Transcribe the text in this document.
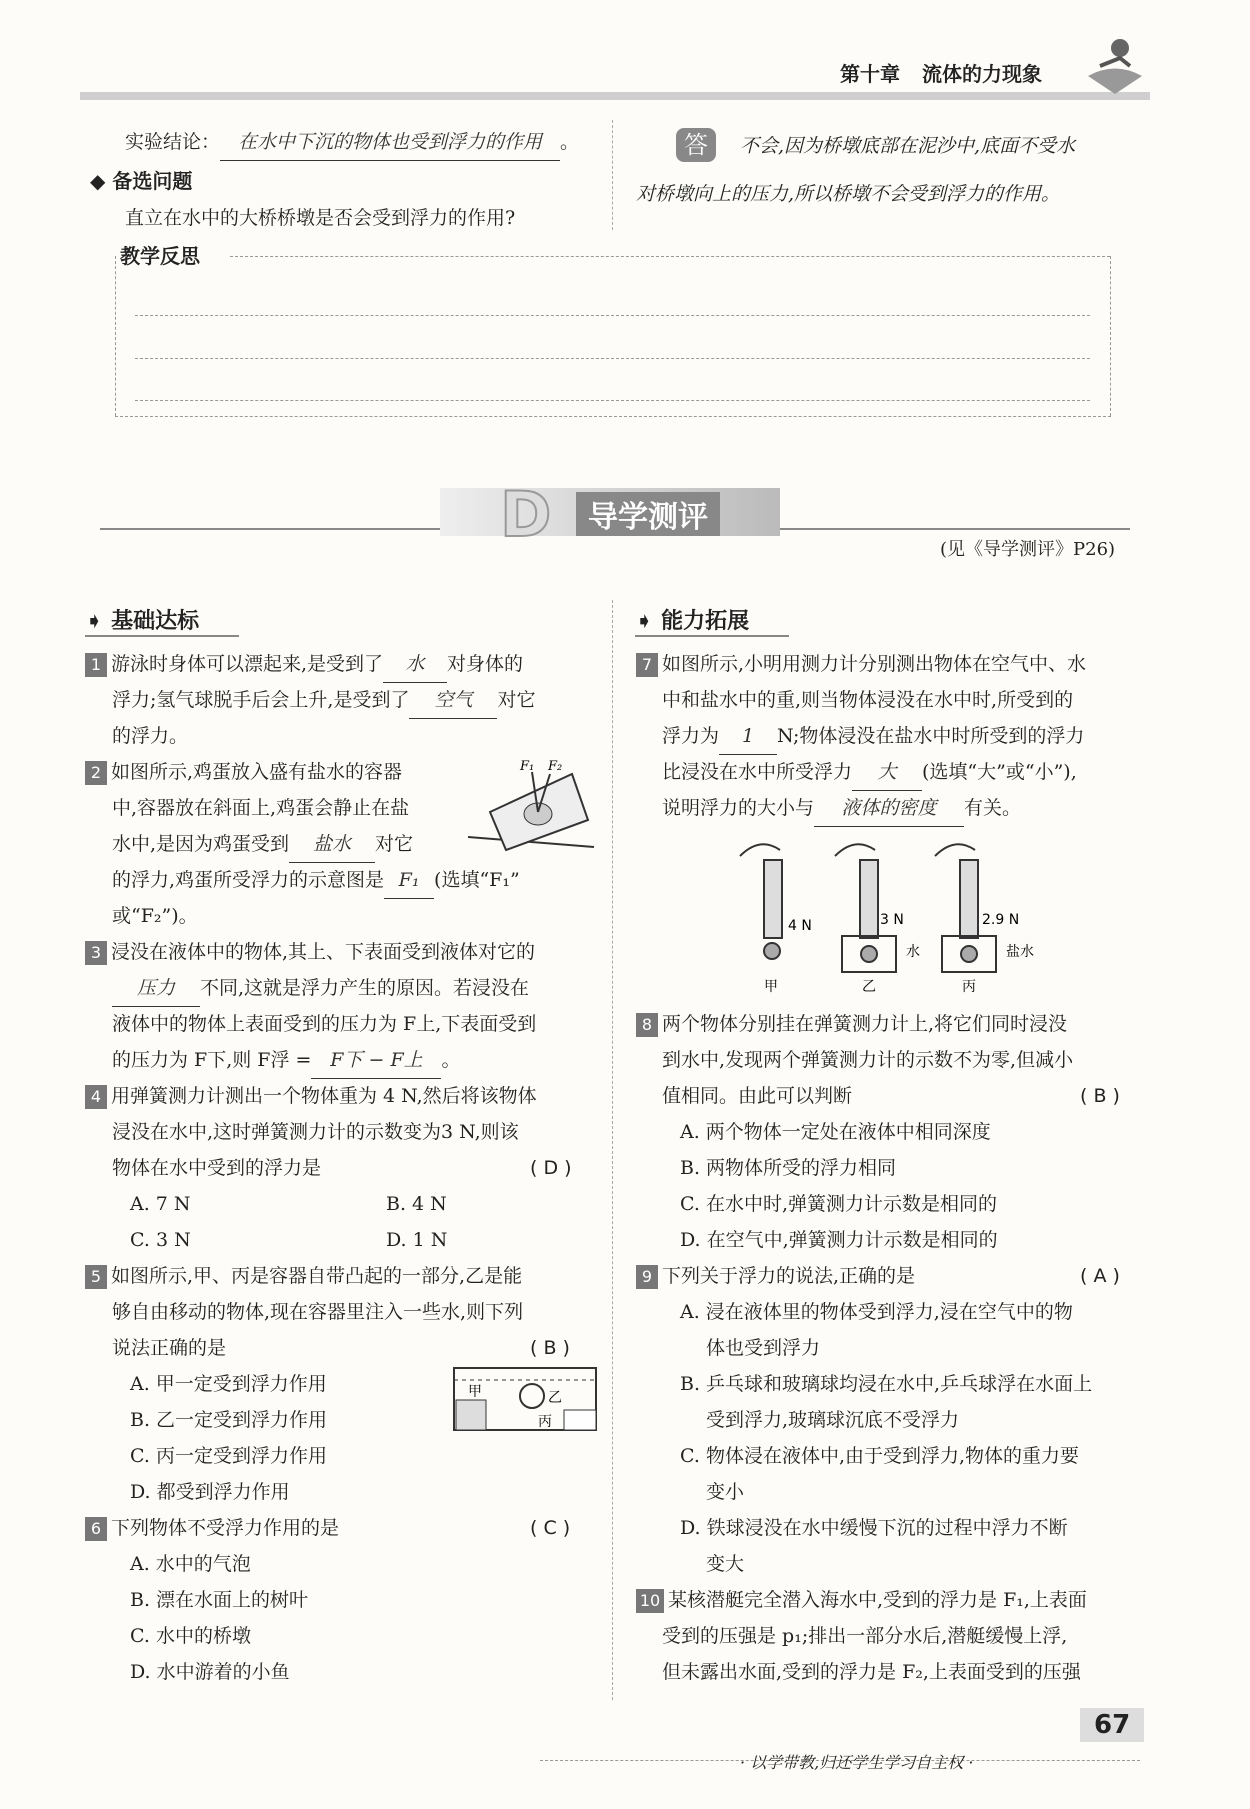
第十章 流体的力现象
实验结论： 在水中下沉的物体也受到浮力的作用 。
◆ 备选问题
直立在水中的大桥桥墩是否会受到浮力的作用?
答	不会,因为桥墩底部在泥沙中,底面不受水
对桥墩向上的压力,所以桥墩不会受到浮力的作用。
教学反思
D	导学测评
(见《导学测评》P26)
➧ 基础达标
1 游泳时身体可以漂起来,是受到了 水 对身体的
浮力;氢气球脱手后会上升,是受到了 空气 对它
的浮力。
2 如图所示,鸡蛋放入盛有盐水的容器
中,容器放在斜面上,鸡蛋会静止在盐
水中,是因为鸡蛋受到 盐水 对它
的浮力,鸡蛋所受浮力的示意图是 F₁ (选填“F₁”
或“F₂”)。
F₁ F₂
3 浸没在液体中的物体,其上、下表面受到液体对它的
压力 不同,这就是浮力产生的原因。若浸没在
液体中的物体上表面受到的压力为 F上,下表面受到
的压力为 F下,则 F浮 = F下 − F上 。
4 用弹簧测力计测出一个物体重为 4 N,然后将该物体
浸没在水中,这时弹簧测力计的示数变为3 N,则该
物体在水中受到的浮力是	( D )
A. 7 N	B. 4 N
C. 3 N	D. 1 N
5 如图所示,甲、丙是容器自带凸起的一部分,乙是能
够自由移动的物体,现在容器里注入一些水,则下列
说法正确的是	( B )
A. 甲一定受到浮力作用
B. 乙一定受到浮力作用
C. 丙一定受到浮力作用
D. 都受到浮力作用
甲	乙
丙
6 下列物体不受浮力作用的是	( C )
A. 水中的气泡
B. 漂在水面上的树叶
C. 水中的桥墩
D. 水中游着的小鱼
➧ 能力拓展
7 如图所示,小明用测力计分别测出物体在空气中、水
中和盐水中的重,则当物体浸没在水中时,所受到的
浮力为 1 N;物体浸没在盐水中时所受到的浮力
比浸没在水中所受浮力 大 (选填“大”或“小”),
说明浮力的大小与 液体的密度 有关。
4 N	3 N	2.9 N
水	盐水
甲	乙	丙
8 两个物体分别挂在弹簧测力计上,将它们同时浸没
到水中,发现两个弹簧测力计的示数不为零,但减小
值相同。由此可以判断	( B )
A. 两个物体一定处在液体中相同深度
B. 两物体所受的浮力相同
C. 在水中时,弹簧测力计示数是相同的
D. 在空气中,弹簧测力计示数是相同的
9 下列关于浮力的说法,正确的是	( A )
A. 浸在液体里的物体受到浮力,浸在空气中的物
体也受到浮力
B. 乒乓球和玻璃球均浸在水中,乒乓球浮在水面上
受到浮力,玻璃球沉底不受浮力
C. 物体浸在液体中,由于受到浮力,物体的重力要
变小
D. 铁球浸没在水中缓慢下沉的过程中浮力不断
变大
10 某核潜艇完全潜入海水中,受到的浮力是 F₁,上表面
受到的压强是 p₁;排出一部分水后,潜艇缓慢上浮,
但未露出水面,受到的浮力是 F₂,上表面受到的压强
· 以学带教,归还学生学习自主权 ·
67
